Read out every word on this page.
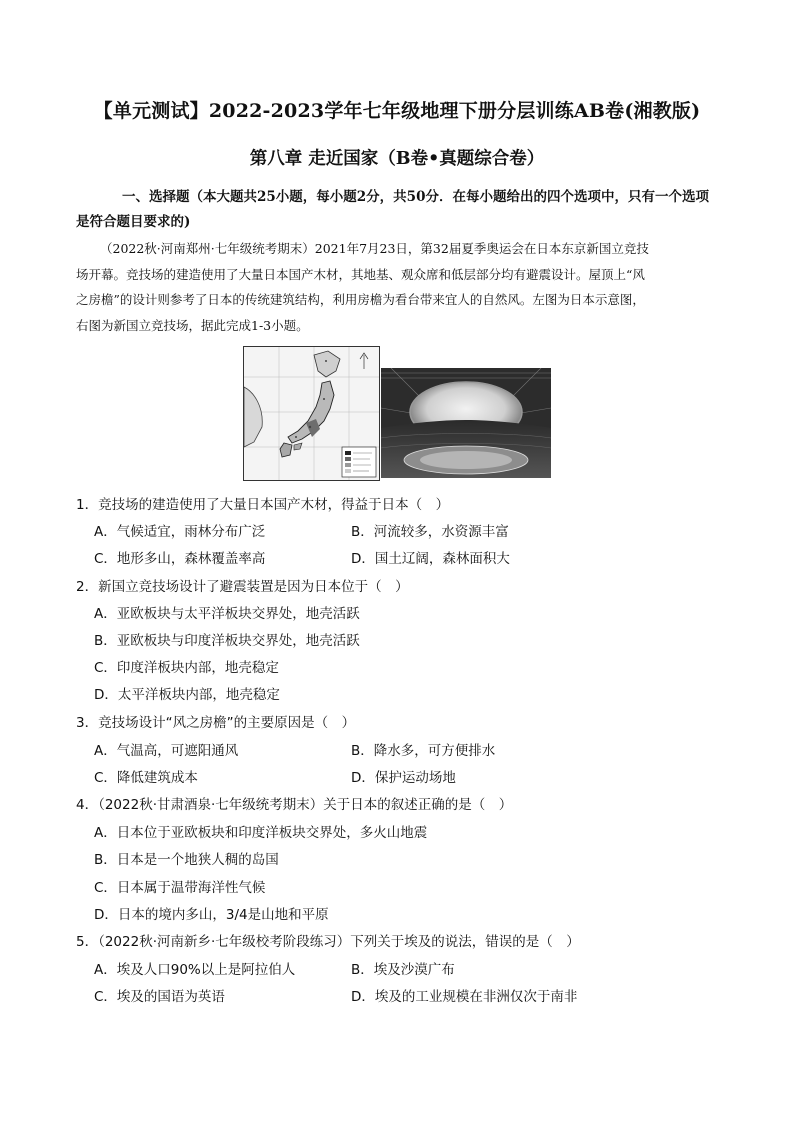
【单元测试】2022-2023学年七年级地理下册分层训练AB卷(湘教版)
第八章 走近国家（B卷•真题综合卷）
一、选择题（本大题共25小题，每小题2分，共50分．在每小题给出的四个选项中，只有一个选项
是符合题目要求的)
（2022秋·河南郑州·七年级统考期末）2021年7月23日，第32届夏季奥运会在日本东京新国立竞技
场开幕。竞技场的建造使用了大量日本国产木材，其地基、观众席和低层部分均有避震设计。屋顶上“风
之房檐”的设计则参考了日本的传统建筑结构，利用房檐为看台带来宜人的自然风。左图为日本示意图，
右图为新国立竞技场，据此完成1-3小题。
1．竞技场的建造使用了大量日本国产木材，得益于日本（　）
A．气候适宜，雨林分布广泛	B．河流较多，水资源丰富
C．地形多山，森林覆盖率高	D．国土辽阔，森林面积大
2．新国立竞技场设计了避震装置是因为日本位于（　）
A．亚欧板块与太平洋板块交界处，地壳活跃
B．亚欧板块与印度洋板块交界处，地壳活跃
C．印度洋板块内部，地壳稳定
D．太平洋板块内部，地壳稳定
3．竞技场设计“风之房檐”的主要原因是（　）
A．气温高，可遮阳通风	B．降水多，可方便排水
C．降低建筑成本	D．保护运动场地
4．（2022秋·甘肃酒泉·七年级统考期末）关于日本的叙述正确的是（　）
A．日本位于亚欧板块和印度洋板块交界处，多火山地震
B．日本是一个地狭人稠的岛国
C．日本属于温带海洋性气候
D．日本的境内多山，3/4是山地和平原
5．（2022秋·河南新乡·七年级校考阶段练习）下列关于埃及的说法，错误的是（　）
A．埃及人口90%以上是阿拉伯人	B．埃及沙漠广布
C．埃及的国语为英语	D．埃及的工业规模在非洲仅次于南非
